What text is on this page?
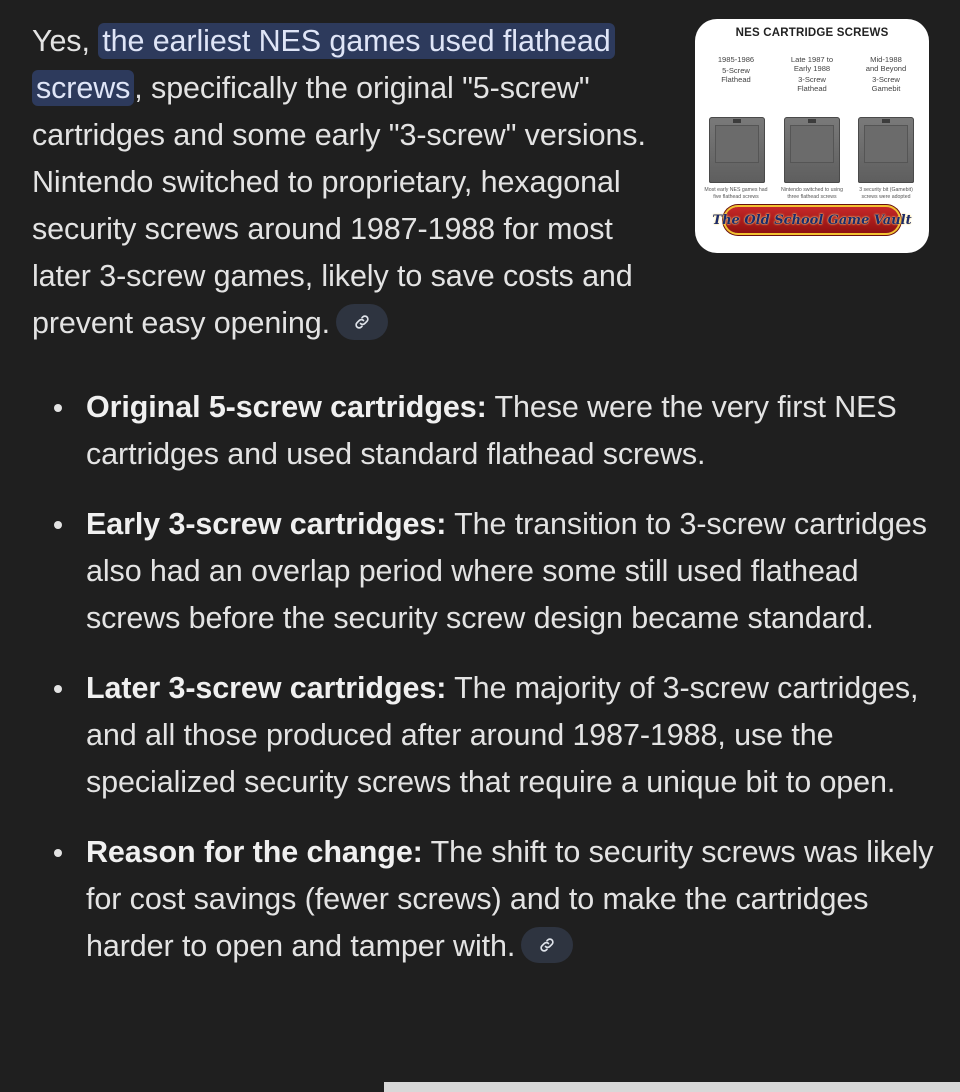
Yes, the earliest NES games used flathead screws , specifically the original "5-screw" cartridges and some early "3-screw" versions. Nintendo switched to proprietary, hexagonal security screws around 1987-1988 for most later 3-screw games, likely to save costs and prevent easy opening.

NES CARTRIDGE SCREWS
1985-1986
5-Screw
Flathead
Late 1987 to
Early 1988
3-Screw
Flathead
Mid-1988
and Beyond
3-Screw
Gamebit
Most early NES games had five flathead screws
Nintendo switched to using three flathead screws
3 security bit (Gamebit) screws were adopted
The Old School Game Vault
Original 5-screw cartridges: These were the very first NES cartridges and used standard flathead screws.
Early 3-screw cartridges: The transition to 3-screw cartridges also had an overlap period where some still used flathead screws before the security screw design became standard.
Later 3-screw cartridges: The majority of 3-screw cartridges, and all those produced after around 1987-1988, use the specialized security screws that require a unique bit to open.
Reason for the change: The shift to security screws was likely for cost savings (fewer screws) and to make the cartridges harder to open and tamper with.
